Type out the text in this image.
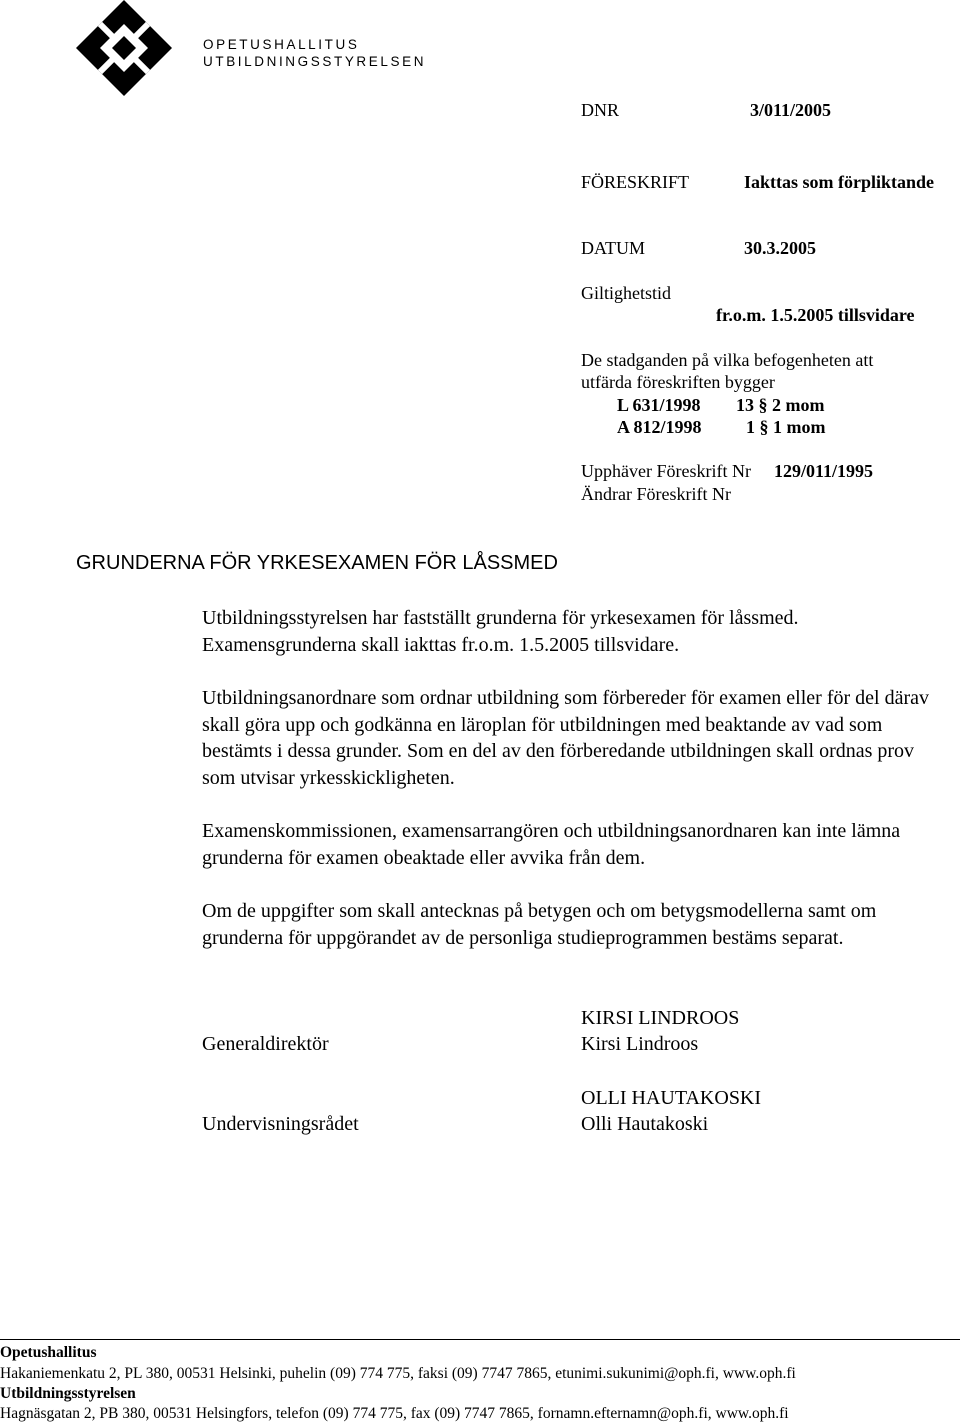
OPETUSHALLITUS
UTBILDNINGSSTYRELSEN
DNR	3/011/2005
FÖRESKRIFT	Iakttas som förpliktande
DATUM	30.3.2005
Giltighetstid
fr.o.m. 1.5.2005 tillsvidare
De stadganden på vilka befogenheten att
utfärda föreskriften bygger
L 631/1998 13 § 2 mom
A 812/1998 1 § 1 mom
Upphäver Föreskrift Nr 129/011/1995
Ändrar Föreskrift Nr
GRUNDERNA FÖR YRKESEXAMEN FÖR LÅSSMED
Utbildningsstyrelsen har fastställt grunderna för yrkesexamen för låssmed. Examensgrunderna skall iakttas fr.o.m. 1.5.2005 tillsvidare.
Utbildningsanordnare som ordnar utbildning som förbereder för examen eller för del därav skall göra upp och godkänna en läroplan för utbildningen med beaktande av vad som bestämts i dessa grunder. Som en del av den förberedande utbildningen skall ordnas prov som utvisar yrkesskickligheten.
Examenskommissionen, examensarrangören och utbildningsanordnaren kan inte lämna grunderna för examen obeaktade eller avvika från dem.
Om de uppgifter som skall antecknas på betygen och om betygsmodellerna samt om grunderna för uppgörandet av de personliga studieprogrammen bestäms separat.
KIRSI LINDROOS
Generaldirektör	Kirsi Lindroos
OLLI HAUTAKOSKI
Undervisningsrådet	Olli Hautakoski
Opetushallitus
Hakaniemenkatu 2, PL 380, 00531 Helsinki, puhelin (09) 774 775, faksi (09) 7747 7865, etunimi.sukunimi@oph.fi, www.oph.fi
Utbildningsstyrelsen
Hagnäsgatan 2, PB 380, 00531 Helsingfors, telefon (09) 774 775, fax (09) 7747 7865, fornamn.efternamn@oph.fi, www.oph.fi
